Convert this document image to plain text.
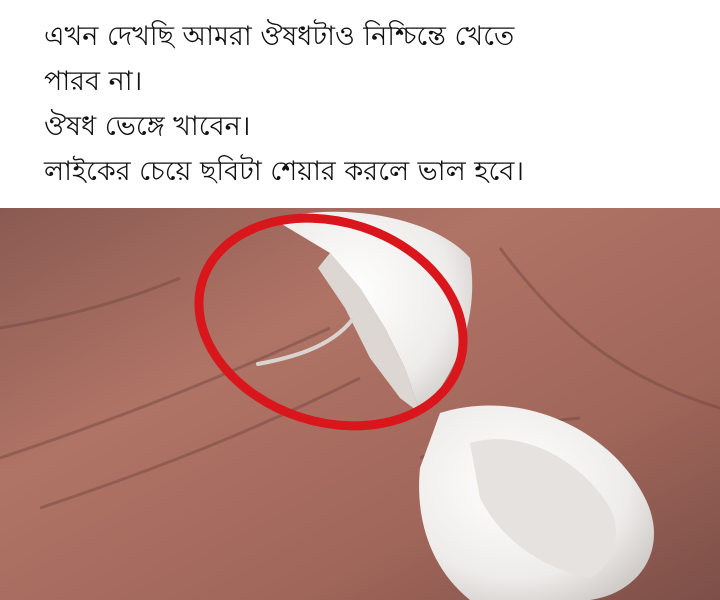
এখন দেখছি আমরা ঔষধটাও নিশ্চিন্তে খেতে
পারব না।
ঔষধ ভেঙ্গে খাবেন।
লাইকের চেয়ে ছবিটা শেয়ার করলে ভাল হবে।
